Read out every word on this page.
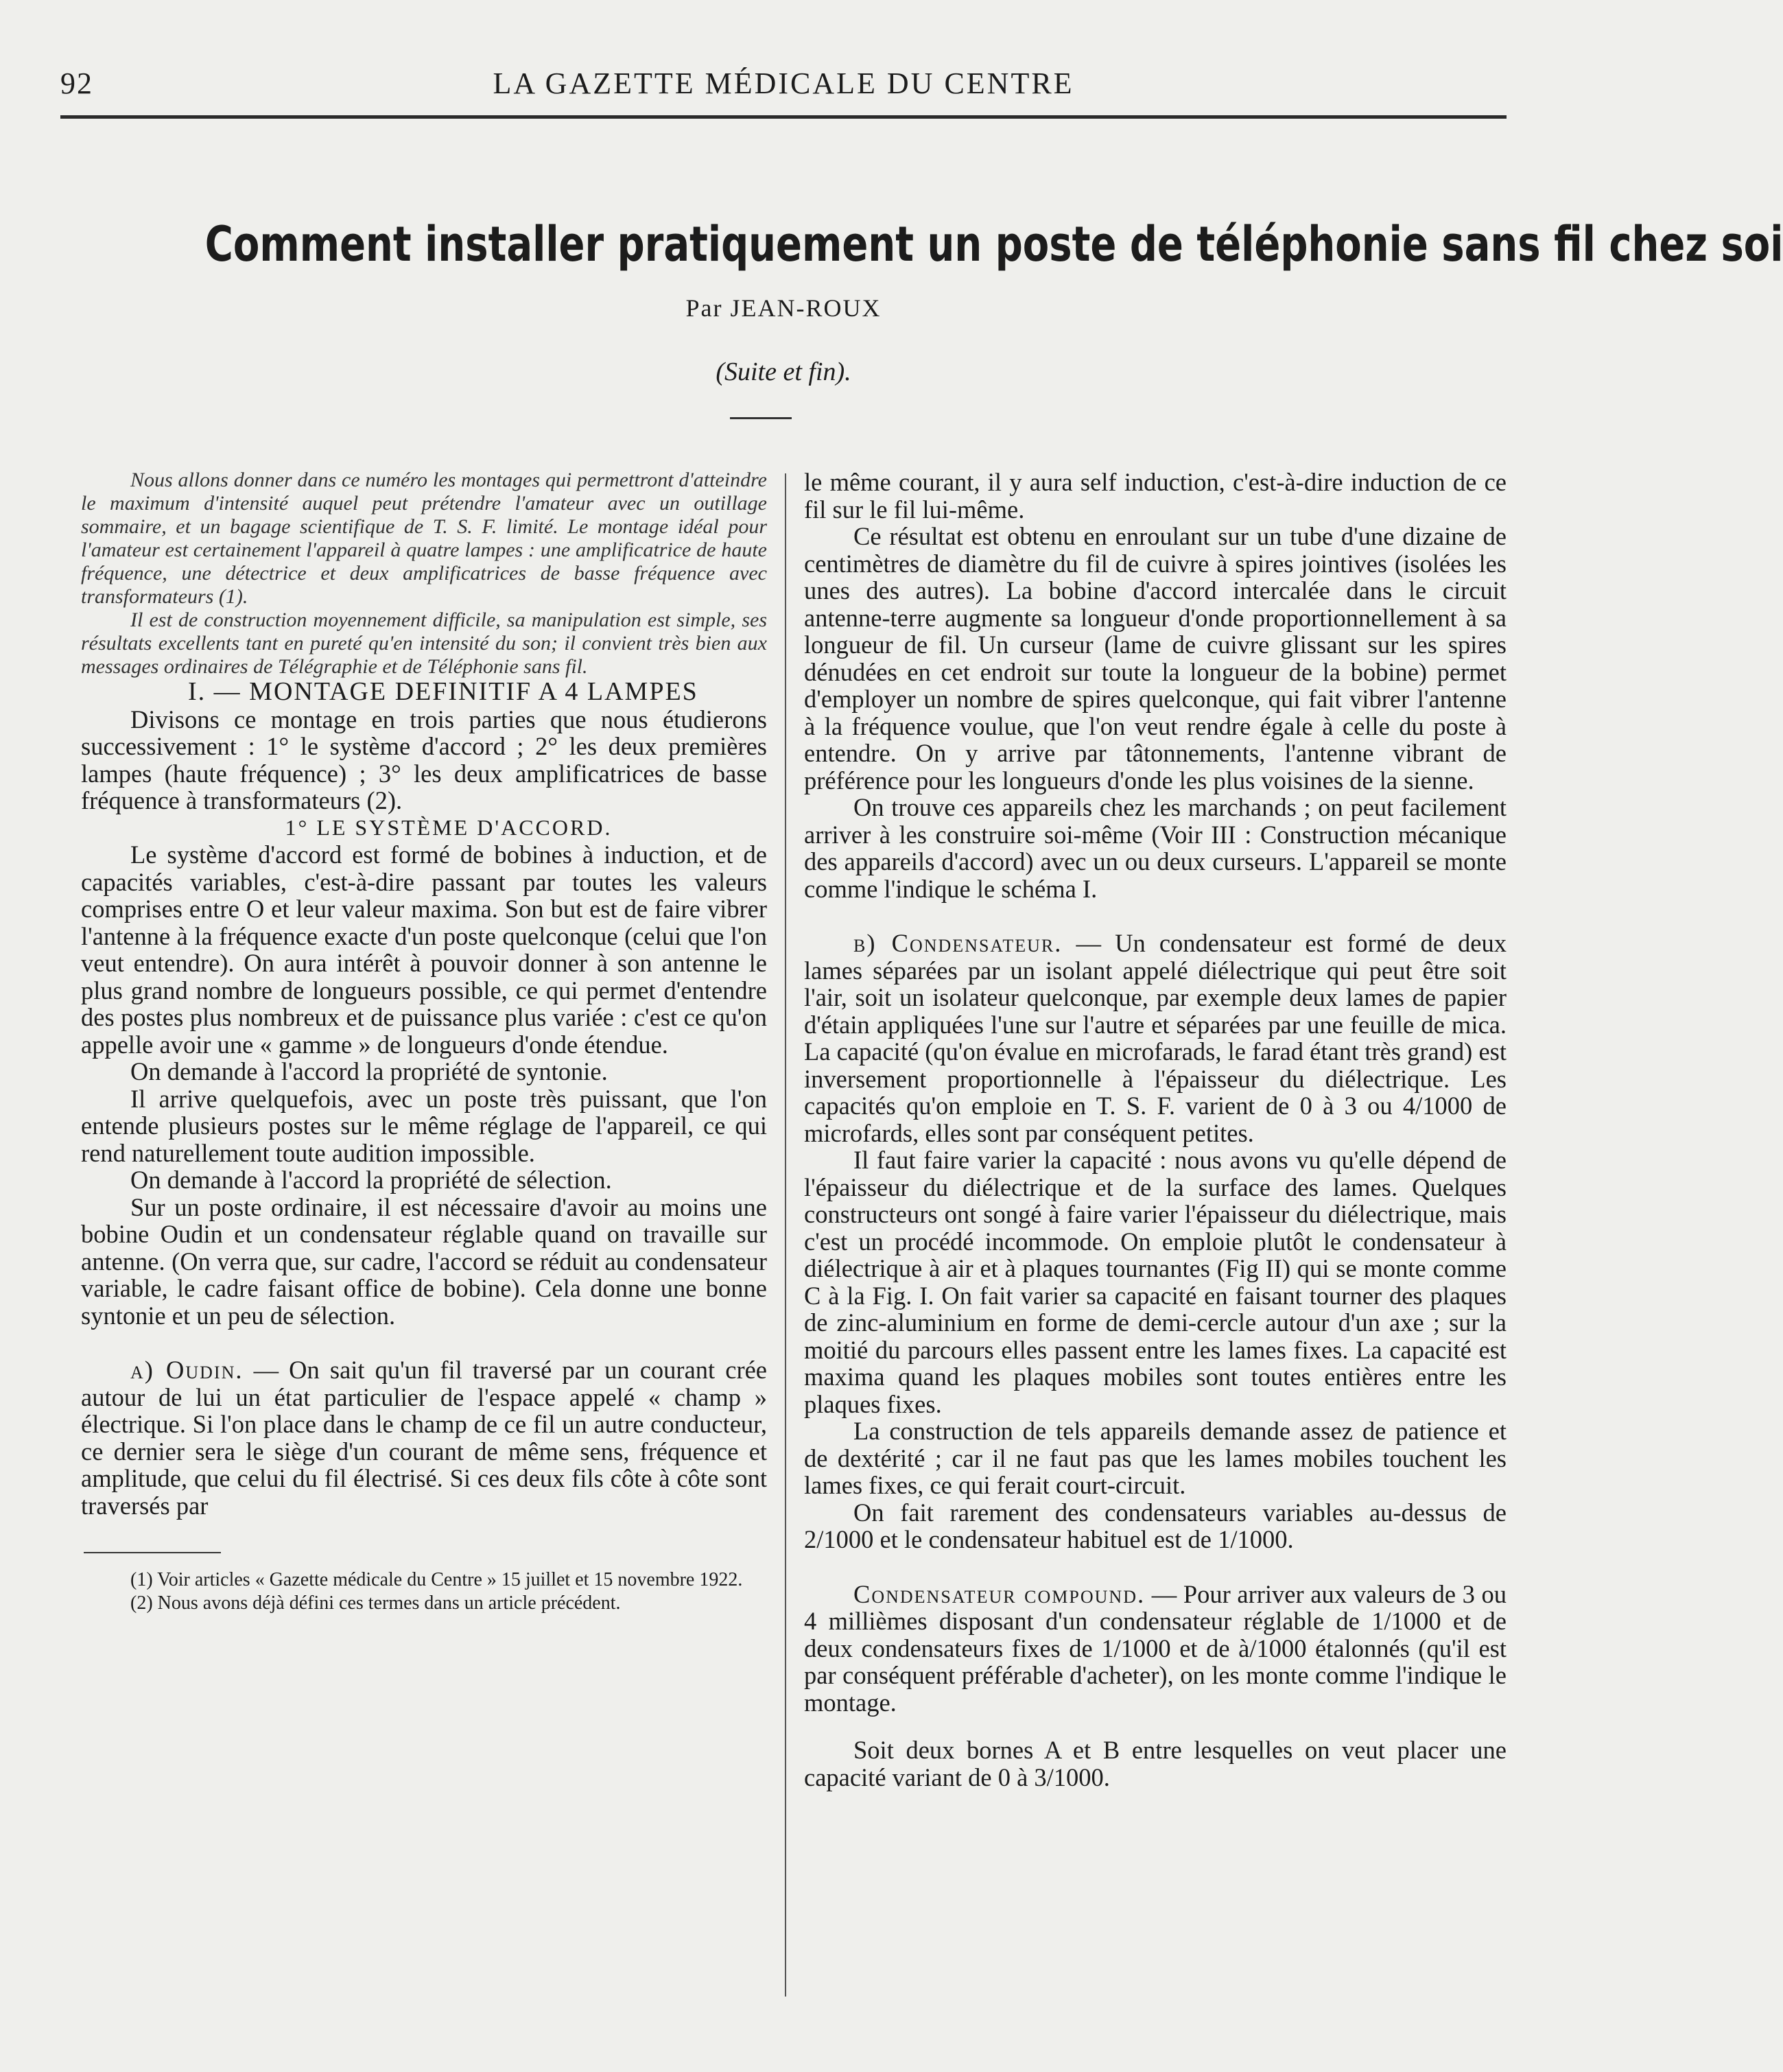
92	LA GAZETTE MÉDICALE DU CENTRE
Comment installer pratiquement un poste de téléphonie sans fil chez soi
Par JEAN-ROUX
(Suite et fin).

Nous allons donner dans ce numéro les montages qui permettront d'atteindre le maximum d'intensité auquel peut prétendre l'amateur avec un outillage sommaire, et un bagage scientifique de T. S. F. limité. Le montage idéal pour l'amateur est certainement l'appareil à quatre lampes : une amplificatrice de haute fréquence, une détectrice et deux amplificatrices de basse fréquence avec transformateurs (1).

Il est de construction moyennement difficile, sa manipulation est simple, ses résultats excellents tant en pureté qu'en intensité du son; il convient très bien aux messages ordinaires de Télégraphie et de Téléphonie sans fil.

I. — MONTAGE DEFINITIF A 4 LAMPES

Divisons ce montage en trois parties que nous étudierons successivement : 1° le système d'accord ; 2° les deux premières lampes (haute fréquence) ; 3° les deux amplificatrices de basse fréquence à transformateurs (2).

1° LE SYSTÈME D'ACCORD.

Le système d'accord est formé de bobines à induction, et de capacités variables, c'est-à-dire passant par toutes les valeurs comprises entre O et leur valeur maxima. Son but est de faire vibrer l'antenne à la fréquence exacte d'un poste quelconque (celui que l'on veut entendre). On aura intérêt à pouvoir donner à son antenne le plus grand nombre de longueurs possible, ce qui permet d'entendre des postes plus nombreux et de puissance plus variée : c'est ce qu'on appelle avoir une « gamme » de longueurs d'onde étendue.

On demande à l'accord la propriété de syntonie.

Il arrive quelquefois, avec un poste très puissant, que l'on entende plusieurs postes sur le même réglage de l'appareil, ce qui rend naturellement toute audition impossible.

On demande à l'accord la propriété de sélection.

Sur un poste ordinaire, il est nécessaire d'avoir au moins une bobine Oudin et un condensateur réglable quand on travaille sur antenne. (On verra que, sur cadre, l'accord se réduit au condensateur variable, le cadre faisant office de bobine). Cela donne une bonne syntonie et un peu de sélection.

a) Oudin. — On sait qu'un fil traversé par un courant crée autour de lui un état particulier de l'espace appelé « champ » électrique. Si l'on place dans le champ de ce fil un autre conducteur, ce dernier sera le siège d'un courant de même sens, fréquence et amplitude, que celui du fil électrisé. Si ces deux fils côte à côte sont traversés par

(1) Voir articles « Gazette médicale du Centre » 15 juillet et 15 novembre 1922.

(2) Nous avons déjà défini ces termes dans un article précédent.

le même courant, il y aura self induction, c'est-à-dire induction de ce fil sur le fil lui-même.

Ce résultat est obtenu en enroulant sur un tube d'une dizaine de centimètres de diamètre du fil de cuivre à spires jointives (isolées les unes des autres). La bobine d'accord intercalée dans le circuit antenne-terre augmente sa longueur d'onde proportionnellement à sa longueur de fil. Un curseur (lame de cuivre glissant sur les spires dénudées en cet endroit sur toute la longueur de la bobine) permet d'employer un nombre de spires quelconque, qui fait vibrer l'antenne à la fréquence voulue, que l'on veut rendre égale à celle du poste à entendre. On y arrive par tâtonnements, l'antenne vibrant de préférence pour les longueurs d'onde les plus voisines de la sienne.

On trouve ces appareils chez les marchands ; on peut facilement arriver à les construire soi-même (Voir III : Construction mécanique des appareils d'accord) avec un ou deux curseurs. L'appareil se monte comme l'indique le schéma I.

b) Condensateur. — Un condensateur est formé de deux lames séparées par un isolant appelé diélectrique qui peut être soit l'air, soit un isolateur quelconque, par exemple deux lames de papier d'étain appliquées l'une sur l'autre et séparées par une feuille de mica. La capacité (qu'on évalue en microfarads, le farad étant très grand) est inversement proportionnelle à l'épaisseur du diélectrique. Les capacités qu'on emploie en T. S. F. varient de 0 à 3 ou 4/1000 de microfards, elles sont par conséquent petites.

Il faut faire varier la capacité : nous avons vu qu'elle dépend de l'épaisseur du diélectrique et de la surface des lames. Quelques constructeurs ont songé à faire varier l'épaisseur du diélectrique, mais c'est un procédé incommode. On emploie plutôt le condensateur à diélectrique à air et à plaques tournantes (Fig II) qui se monte comme C à la Fig. I. On fait varier sa capacité en faisant tourner des plaques de zinc-aluminium en forme de demi-cercle autour d'un axe ; sur la moitié du parcours elles passent entre les lames fixes. La capacité est maxima quand les plaques mobiles sont toutes entières entre les plaques fixes.

La construction de tels appareils demande assez de patience et de dextérité ; car il ne faut pas que les lames mobiles touchent les lames fixes, ce qui ferait court-circuit.

On fait rarement des condensateurs variables au-dessus de 2/1000 et le condensateur habituel est de 1/1000.

Condensateur compound. — Pour arriver aux valeurs de 3 ou 4 millièmes disposant d'un condensateur réglable de 1/1000 et de deux condensateurs fixes de 1/1000 et de à/1000 étalonnés (qu'il est par conséquent préférable d'acheter), on les monte comme l'indique le montage.

Soit deux bornes A et B entre lesquelles on veut placer une capacité variant de 0 à 3/1000.
